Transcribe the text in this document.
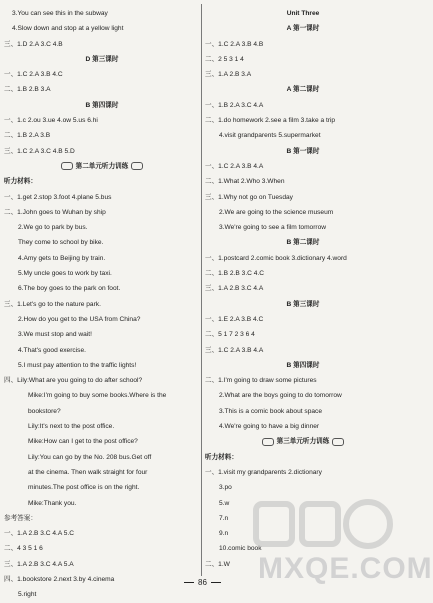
3.You can see this in the subway
4.Slow down and stop at a yellow light
三、1.D 2.A 3.C 4.B
D 第三课时
一、1.C 2.A 3.B 4.C
二、1.B 2.B 3.A
B 第四课时
一、1.c 2.ou 3.ue 4.ow 5.us 6.hi
二、1.B 2.A 3.B
三、1.C 2.A 3.C 4.B 5.D
第二单元听力训练
听力材料：
一、1.get 2.stop 3.foot 4.plane 5.bus
二、1.John goes to Wuhan by ship
2.We go to park by bus.
They come to school by bike.
4.Amy gets to Beijing by train.
5.My uncle goes to work by taxi.
6.The boy goes to the park on foot.
三、1.Let's go to the nature park.
2.How do you get to the USA from China?
3.We must stop and wait!
4.That's good exercise.
5.I must pay attention to the traffic lights!
四、Lily:What are you going to do after school?
Mike:I'm going to buy some books.Where is the
bookstore?
Lily:It's next to the post office.
Mike:How can I get to the post office?
Lily:You can go by the No. 208 bus.Get off
at the cinema. Then walk straight for four
minutes.The post office is on the right.
Mike:Thank you.
参考答案：
一、1.A 2.B 3.C 4.A 5.C
二、4 3 5 1 6
三、1.A 2.B 3.C 4.A 5.A
四、1.bookstore 2.next 3.by 4.cinema
5.right
Unit Three
A 第一课时
一、1.C 2.A 3.B 4.B
二、2 5 3 1 4
三、1.A 2.B 3.A
A 第二课时
一、1.B 2.A 3.C 4.A
二、1.do homework 2.see a film 3.take a trip
4.visit grandparents 5.supermarket
B 第一课时
一、1.C 2.A 3.B 4.A
二、1.What 2.Who 3.When
三、1.Why not go on Tuesday
2.We are going to the science museum
3.We're going to see a film tomorrow
B 第二课时
一、1.postcard 2.comic book 3.dictionary 4.word
二、1.B 2.B 3.C 4.C
三、1.A 2.B 3.C 4.A
B 第三课时
一、1.E 2.A 3.B 4.C
二、5 1 7 2 3 6 4
三、1.C 2.A 3.B 4.A
B 第四课时
二、1.I'm going to draw some pictures
2.What are the boys going to do tomorrow
3.This is a comic book about space
4.We're going to have a big dinner
第三单元听力训练
听力材料：
一、1.visit my grandparents 2.dictionary
3.po
5.w
7.n
9.n
10.comic book
二、1.W MXQE.COM
86
